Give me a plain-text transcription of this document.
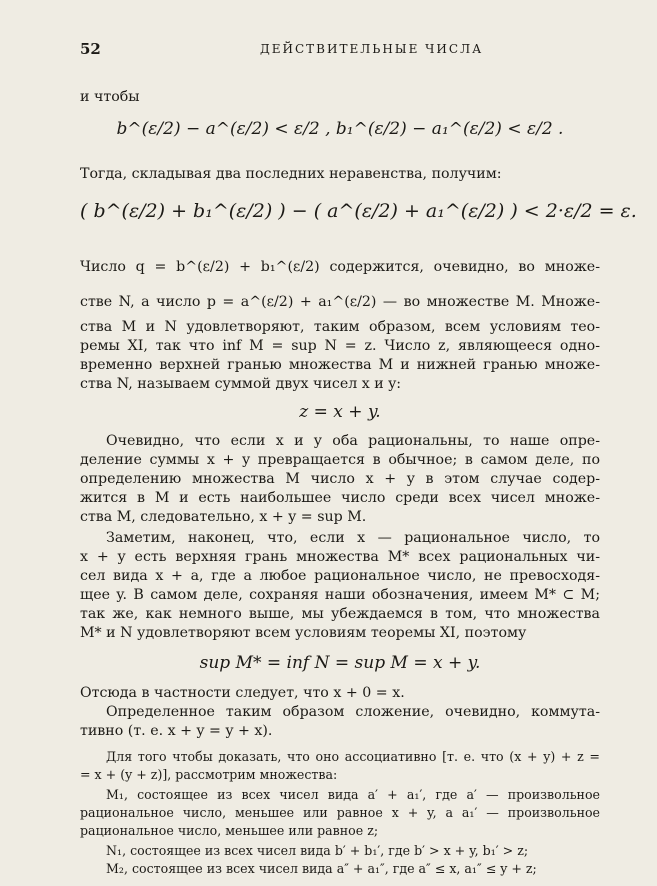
52	ДЕЙСТВИТЕЛЬНЫЕ ЧИСЛА
и чтобы
b^(ε/2) − a^(ε/2) < ε/2 , b₁^(ε/2) − a₁^(ε/2) < ε/2 .
Тогда, складывая два последних неравенства, получим:
( b^(ε/2) + b₁^(ε/2) ) − ( a^(ε/2) + a₁^(ε/2) ) < 2·ε/2 = ε.
Число q = b^(ε/2) + b₁^(ε/2) содержится, очевидно, во множе-
стве N, а число p = a^(ε/2) + a₁^(ε/2) — во множестве M. Множе-
ства M и N удовлетворяют, таким образом, всем условиям тео-
ремы XI, так что inf M = sup N = z. Число z, являющееся одно-
временно верхней гранью множества M и нижней гранью множе-
ства N, называем суммой двух чисел x и y:
z = x + y.
Очевидно, что если x и y оба рациональны, то наше опре-
деление суммы x + y превращается в обычное; в самом деле, по
определению множества M число x + y в этом случае содер-
жится в M и есть наибольшее число среди всех чисел множе-
ства M, следовательно, x + y = sup M.
Заметим, наконец, что, если x — рациональное число, то
x + y есть верхняя грань множества M* всех рациональных чи-
сел вида x + a, где a любое рациональное число, не превосходя-
щее y. В самом деле, сохраняя наши обозначения, имеем M* ⊂ M;
так же, как немного выше, мы убеждаемся в том, что множества
M* и N удовлетворяют всем условиям теоремы XI, поэтому
sup M* = inf N = sup M = x + y.
Отсюда в частности следует, что x + 0 = x.
Определенное таким образом сложение, очевидно, коммута-
тивно (т. е. x + y = y + x).
Для того чтобы доказать, что оно ассоциативно [т. е. что (x + y) + z =
= x + (y + z)], рассмотрим множества:
M₁, состоящее из всех чисел вида a′ + a₁′, где a′ — произвольное
рациональное число, меньшее или равное x + y, а a₁′ — произвольное
рациональное число, меньшее или равное z;
N₁, состоящее из всех чисел вида b′ + b₁′, где b′ > x + y, b₁′ > z;
M₂, состоящее из всех чисел вида a″ + a₁″, где a″ ≤ x, a₁″ ≤ y + z;
